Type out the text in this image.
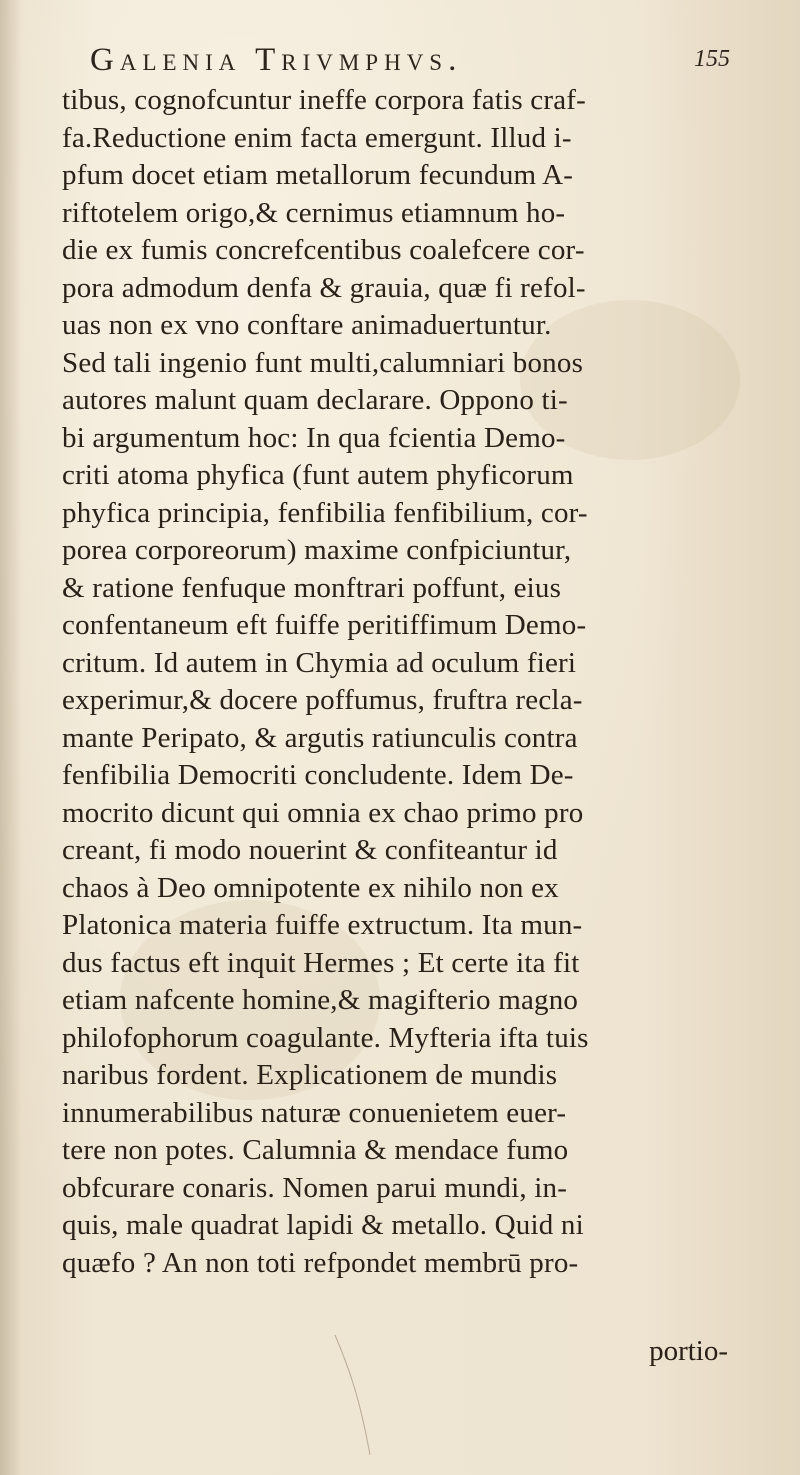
Galenia Trivmphvs.	155
tibus, cognofcuntur ineffe corpora fatis craf-
fa.Reductione enim facta emergunt. Illud i-
pfum docet etiam metallorum fecundum A-
riftotelem origo,& cernimus etiamnum ho-
die ex fumis concrefcentibus coalefcere cor-
pora admodum denfa & grauia, quæ fi refol-
uas non ex vno conftare animaduertuntur.
Sed tali ingenio funt multi,calumniari bonos
autores malunt quam declarare. Oppono ti-
bi argumentum hoc: In qua fcientia Demo-
criti atoma phyfica (funt autem phyficorum
phyfica principia, fenfibilia fenfibilium, cor-
porea corporeorum) maxime confpiciuntur,
& ratione fenfuque monftrari poffunt, eius
confentaneum eft fuiffe peritiffimum Demo-
critum. Id autem in Chymia ad oculum fieri
experimur,& docere poffumus, fruftra recla-
mante Peripato, & argutis ratiunculis contra
fenfibilia Democriti concludente. Idem De-
mocrito dicunt qui omnia ex chao primo pro
creant, fi modo nouerint & confiteantur id
chaos à Deo omnipotente ex nihilo non ex
Platonica materia fuiffe extructum. Ita mun-
dus factus eft inquit Hermes ; Et certe ita fit
etiam nafcente homine,& magifterio magno
philofophorum coagulante. Myfteria ifta tuis
naribus fordent. Explicationem de mundis
innumerabilibus naturæ conuenietem euer-
tere non potes. Calumnia & mendace fumo
obfcurare conaris. Nomen parui mundi, in-
quis, male quadrat lapidi & metallo. Quid ni
quæfo ? An non toti refpondet membrū pro-
portio-
